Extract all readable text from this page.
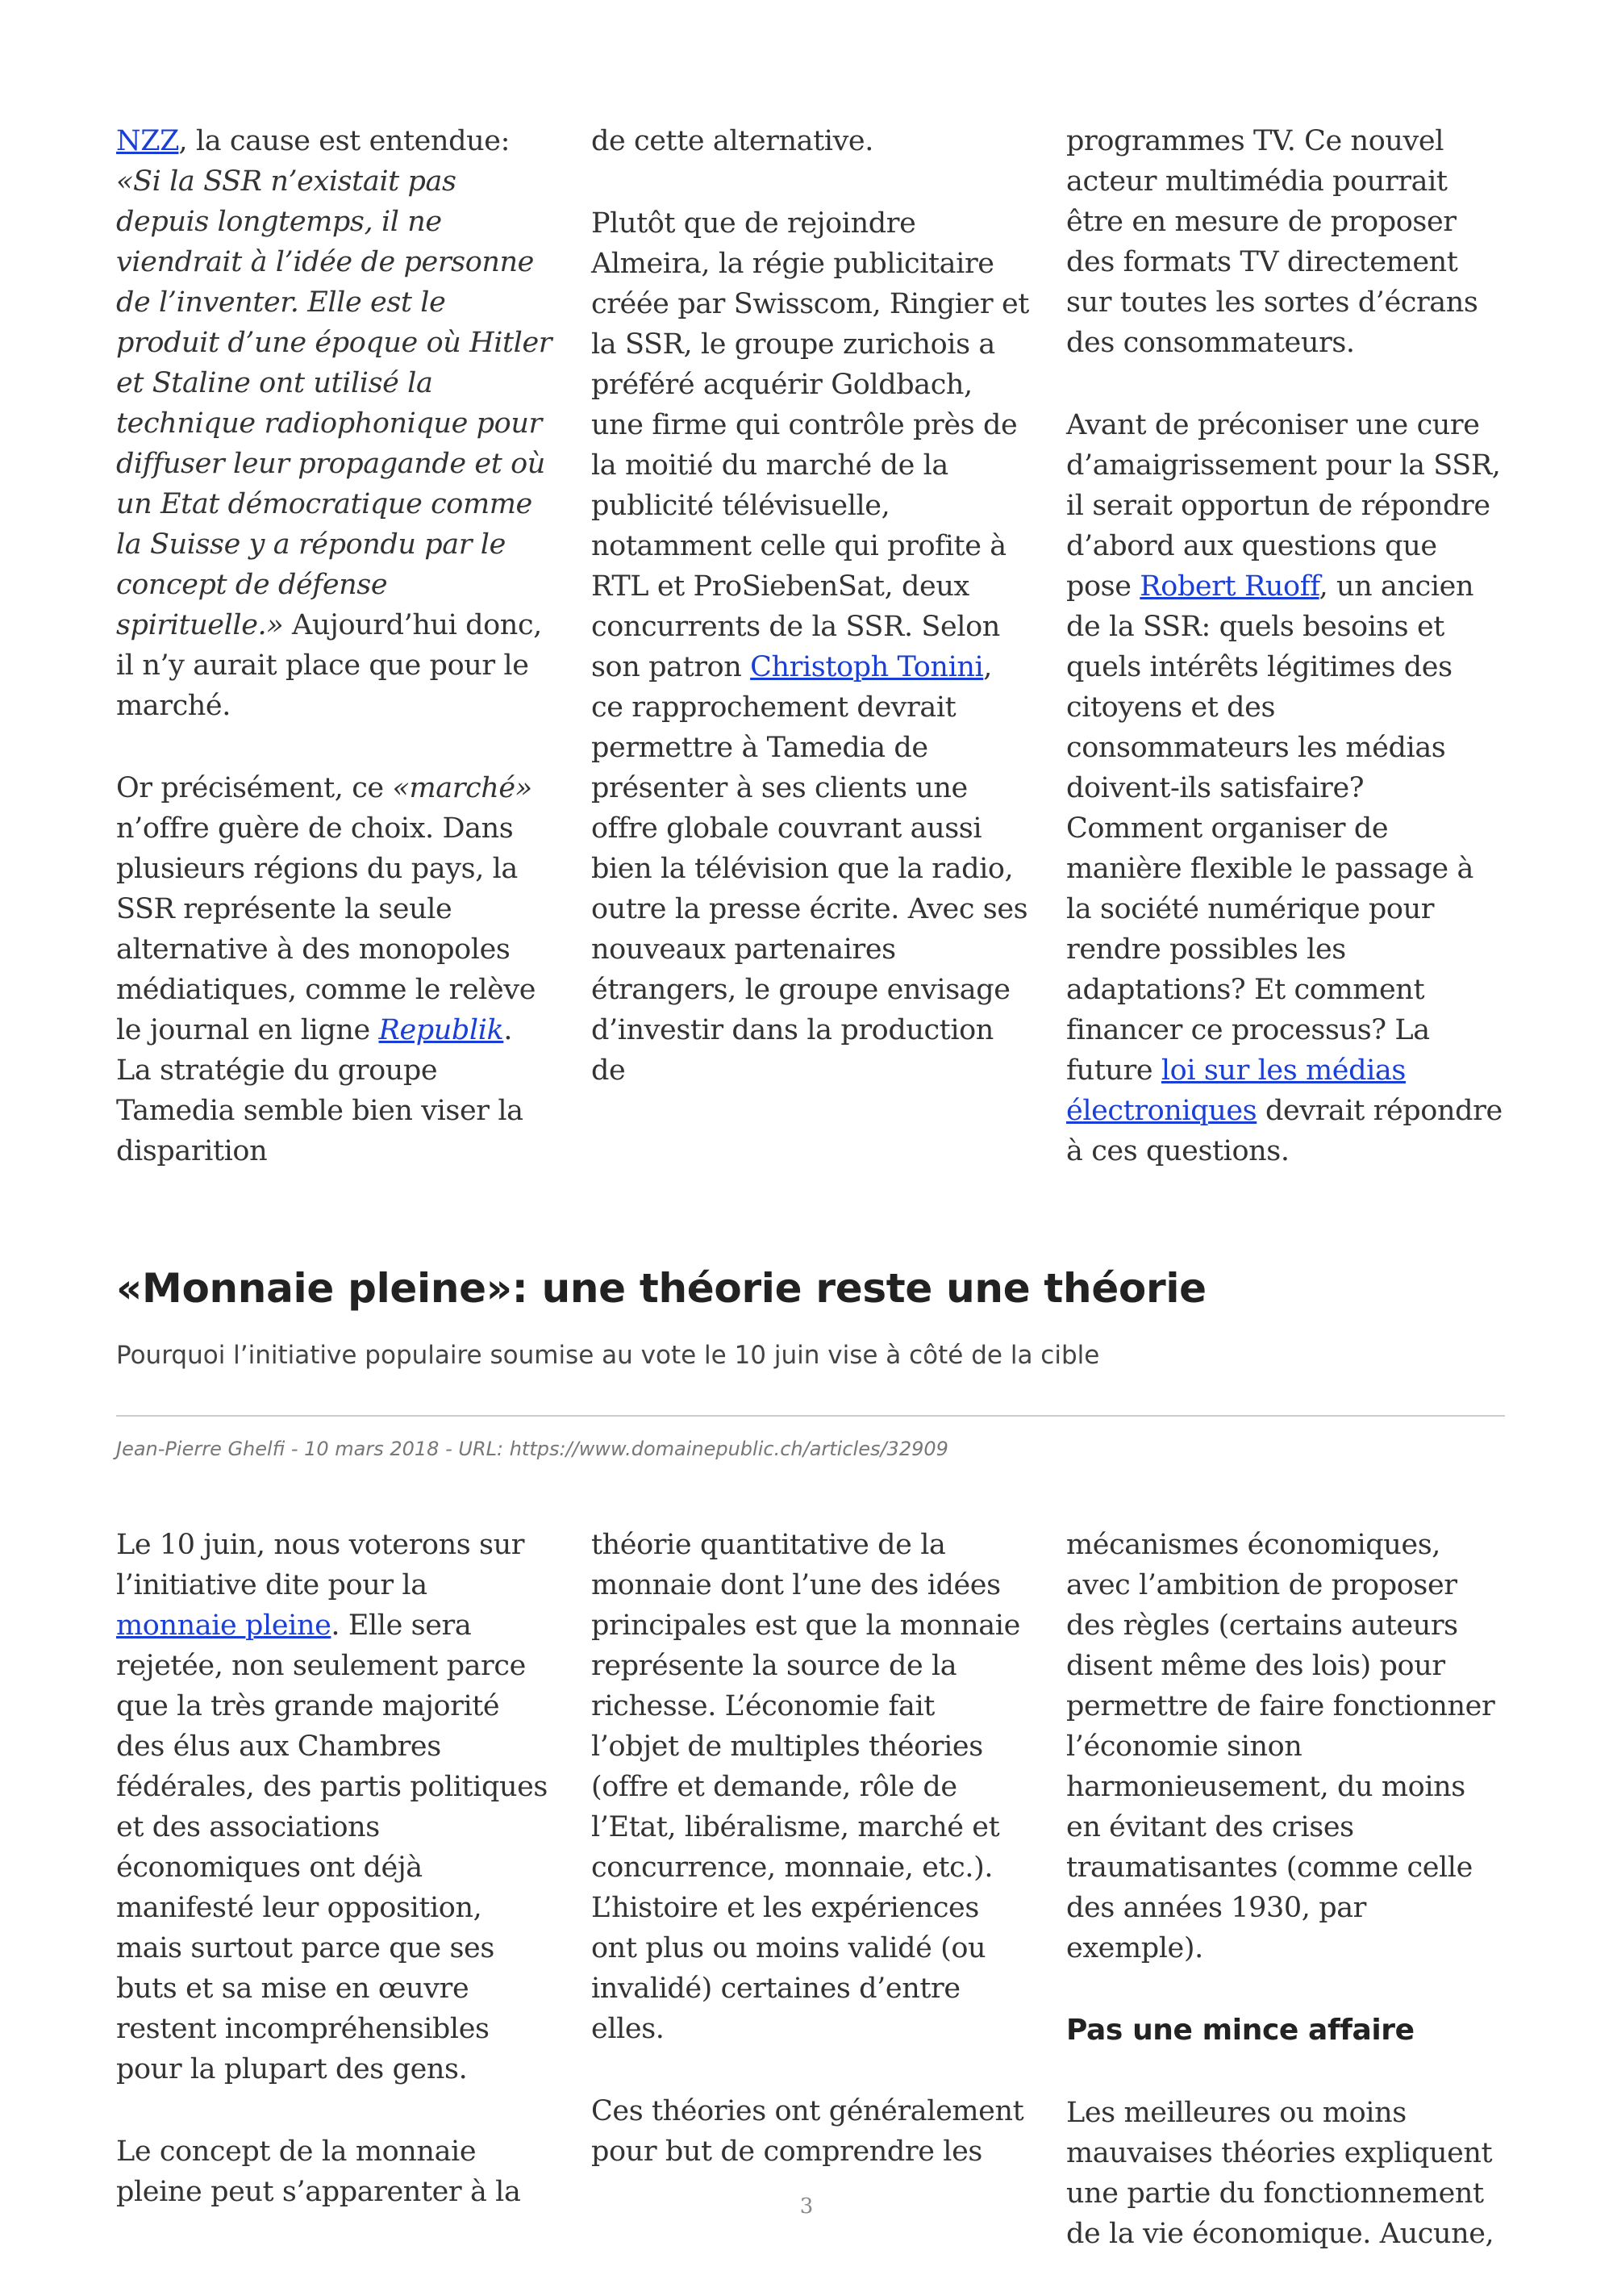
NZZ, la cause est entendue: «Si la SSR n’existait pas depuis longtemps, il ne viendrait à l’idée de personne de l’inventer. Elle est le produit d’une époque où Hitler et Staline ont utilisé la technique radiophonique pour diffuser leur propagande et où un Etat démocratique comme la Suisse y a répondu par le concept de défense spirituelle.» Aujourd’hui donc, il n’y aurait place que pour le marché.

Or précisément, ce «marché» n’offre guère de choix. Dans plusieurs régions du pays, la SSR représente la seule alternative à des monopoles médiatiques, comme le relève le journal en ligne Republik. La stratégie du groupe Tamedia semble bien viser la disparition

de cette alternative.

Plutôt que de rejoindre Almeira, la régie publicitaire créée par Swisscom, Ringier et la SSR, le groupe zurichois a préféré acquérir Goldbach, une firme qui contrôle près de la moitié du marché de la publicité télévisuelle, notamment celle qui profite à RTL et ProSiebenSat, deux concurrents de la SSR. Selon son patron Christoph Tonini, ce rapprochement devrait permettre à Tamedia de présenter à ses clients une offre globale couvrant aussi bien la télévision que la radio, outre la presse écrite. Avec ses nouveaux partenaires étrangers, le groupe envisage d’investir dans la production de

programmes TV. Ce nouvel acteur multimédia pourrait être en mesure de proposer des formats TV directement sur toutes les sortes d’écrans des consommateurs.

Avant de préconiser une cure d’amaigrissement pour la SSR, il serait opportun de répondre d’abord aux questions que pose Robert Ruoff, un ancien de la SSR: quels besoins et quels intérêts légitimes des citoyens et des consommateurs les médias doivent-ils satisfaire? Comment organiser de manière flexible le passage à la société numérique pour rendre possibles les adaptations? Et comment financer ce processus? La future loi sur les médias électroniques devrait répondre à ces questions.

«Monnaie pleine»: une théorie reste une théorie

Pourquoi l’initiative populaire soumise au vote le 10 juin vise à côté de la cible

Jean-Pierre Ghelfi - 10 mars 2018 - URL: https://www.domainepublic.ch/articles/32909

Le 10 juin, nous voterons sur l’initiative dite pour la monnaie pleine. Elle sera rejetée, non seulement parce que la très grande majorité des élus aux Chambres fédérales, des partis politiques et des associations économiques ont déjà manifesté leur opposition, mais surtout parce que ses buts et sa mise en œuvre restent incompréhensibles pour la plupart des gens.

Le concept de la monnaie pleine peut s’apparenter à la

théorie quantitative de la monnaie dont l’une des idées principales est que la monnaie représente la source de la richesse. L’économie fait l’objet de multiples théories (offre et demande, rôle de l’Etat, libéralisme, marché et concurrence, monnaie, etc.). L’histoire et les expériences ont plus ou moins validé (ou invalidé) certaines d’entre elles.

Ces théories ont généralement pour but de comprendre les

mécanismes économiques, avec l’ambition de proposer des règles (certains auteurs disent même des lois) pour permettre de faire fonctionner l’économie sinon harmonieusement, du moins en évitant des crises traumatisantes (comme celle des années 1930, par exemple).

Pas une mince affaire

Les meilleures ou moins mauvaises théories expliquent une partie du fonctionnement de la vie économique. Aucune,

3
